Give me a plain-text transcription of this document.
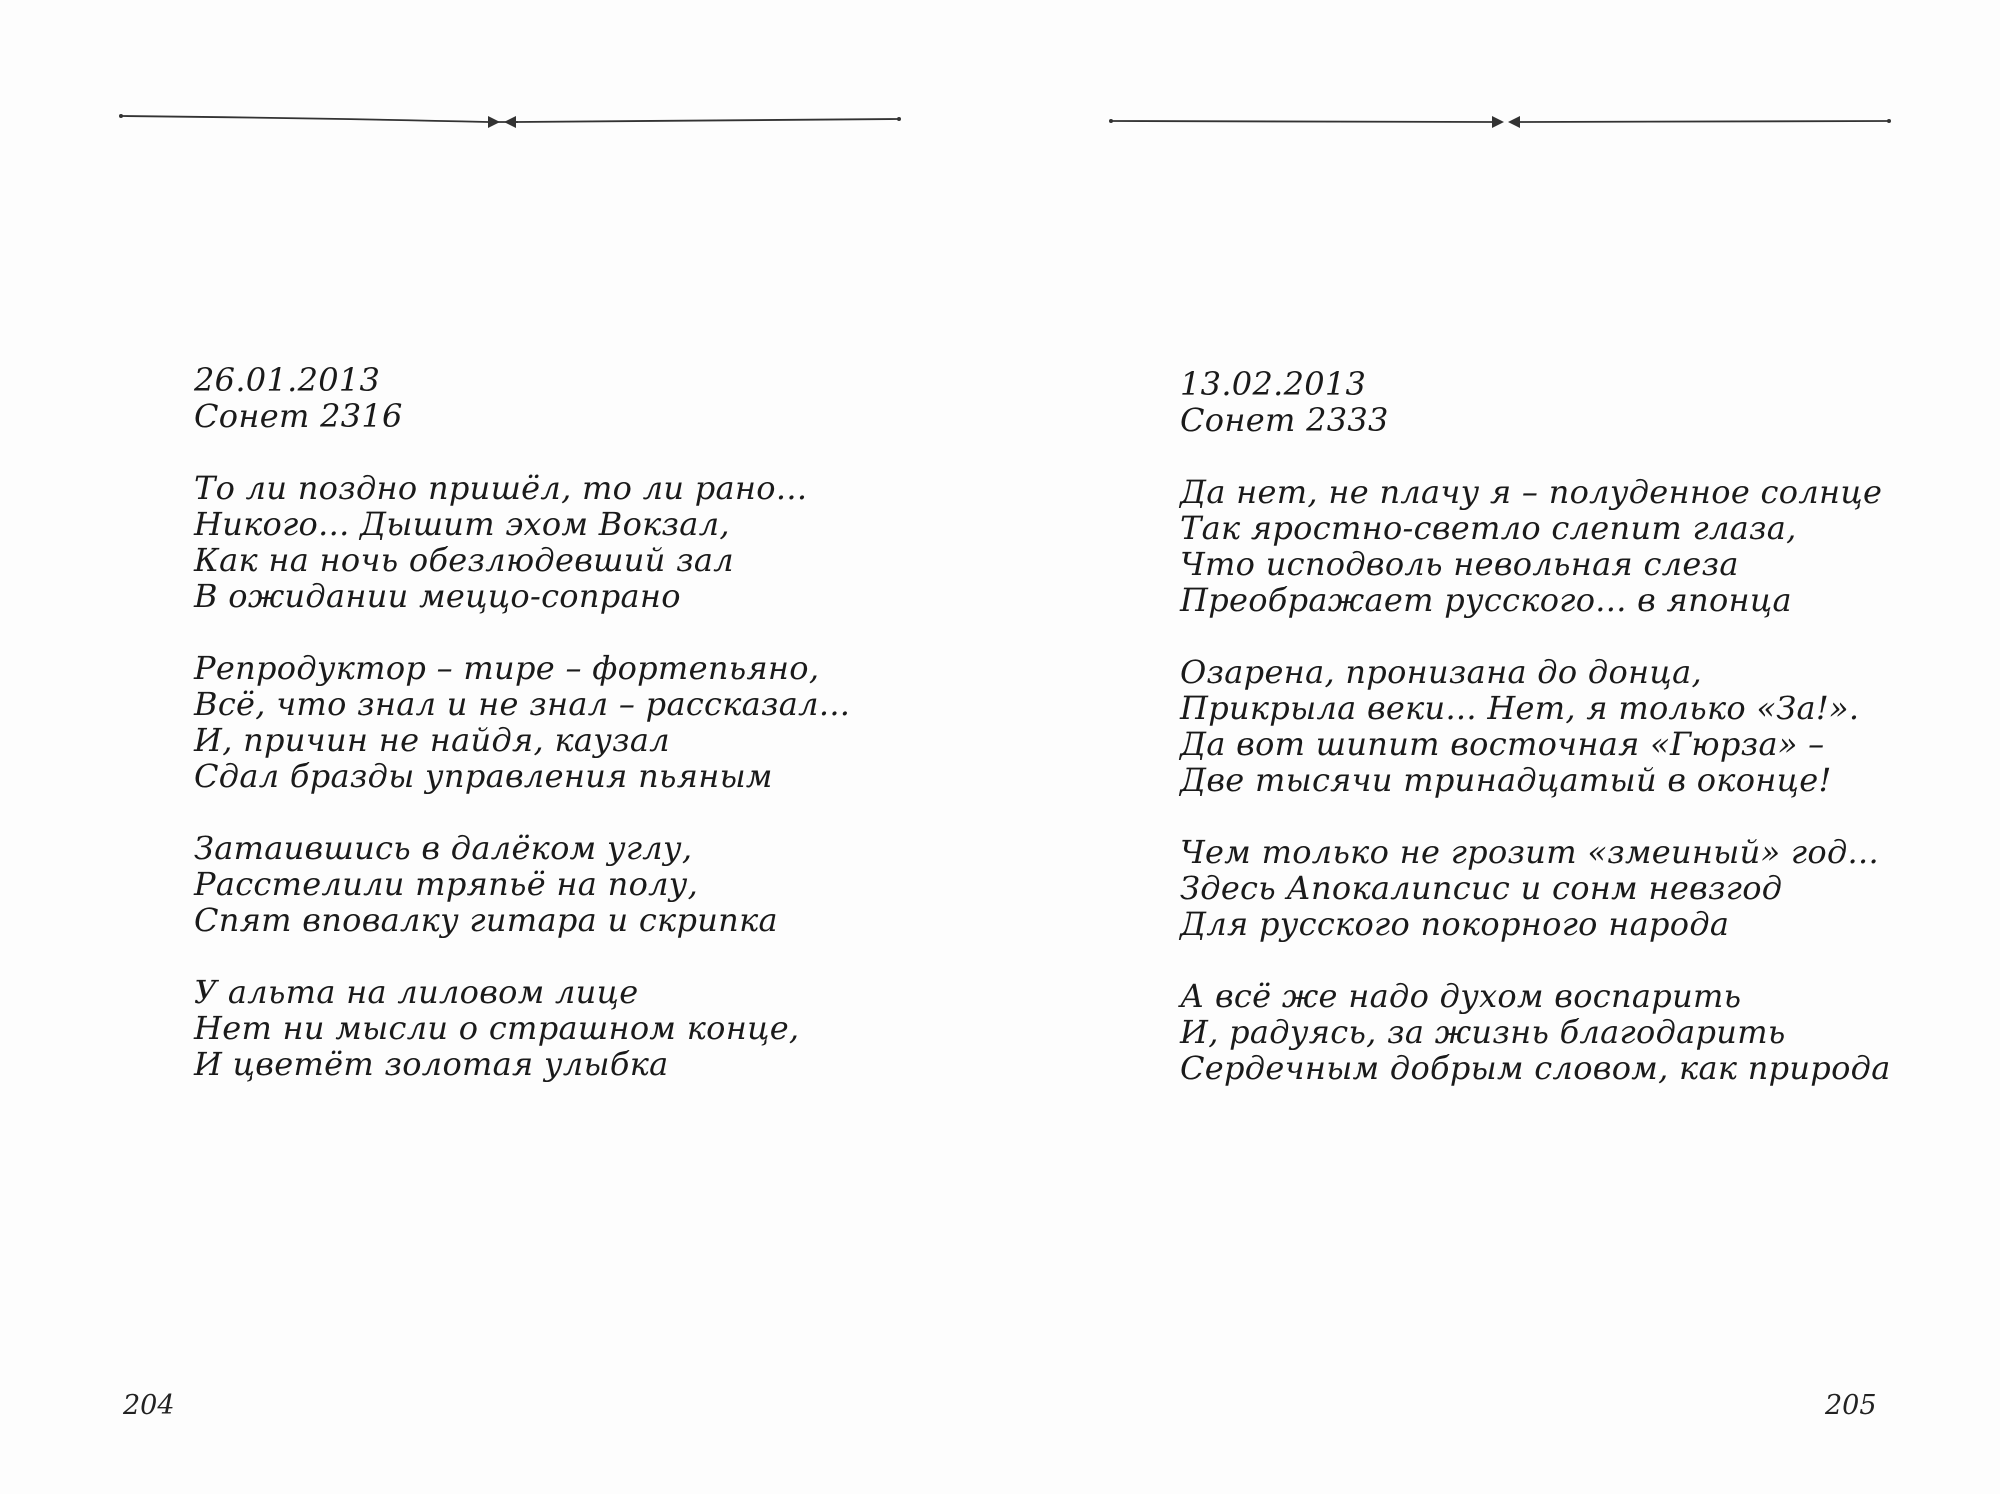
26.01.2013
Сонет 2316
То ли поздно пришёл, то ли рано...
Никого... Дышит эхом Вокзал,
Как на ночь обезлюдевший зал
В ожидании меццо-сопрано
Репродуктор – тире – фортепьяно,
Всё, что знал и не знал – рассказал...
И, причин не найдя, каузал
Сдал бразды управления пьяным
Затаившись в далёком углу,
Расстелили тряпьё на полу,
Спят вповалку гитара и скрипка
У альта на лиловом лице
Нет ни мысли о страшном конце,
И цветёт золотая улыбка
204
13.02.2013
Сонет 2333
Да нет, не плачу я – полуденное солнце
Так яростно-светло слепит глаза,
Что исподволь невольная слеза
Преображает русского... в японца
Озарена, пронизана до донца,
Прикрыла веки... Нет, я только «За!».
Да вот шипит восточная «Гюрза» –
Две тысячи тринадцатый в оконце!
Чем только не грозит «змеиный» год...
Здесь Апокалипсис и сонм невзгод
Для русского покорного народа
А всё же надо духом воспарить
И, радуясь, за жизнь благодарить
Сердечным добрым словом, как природа
205
